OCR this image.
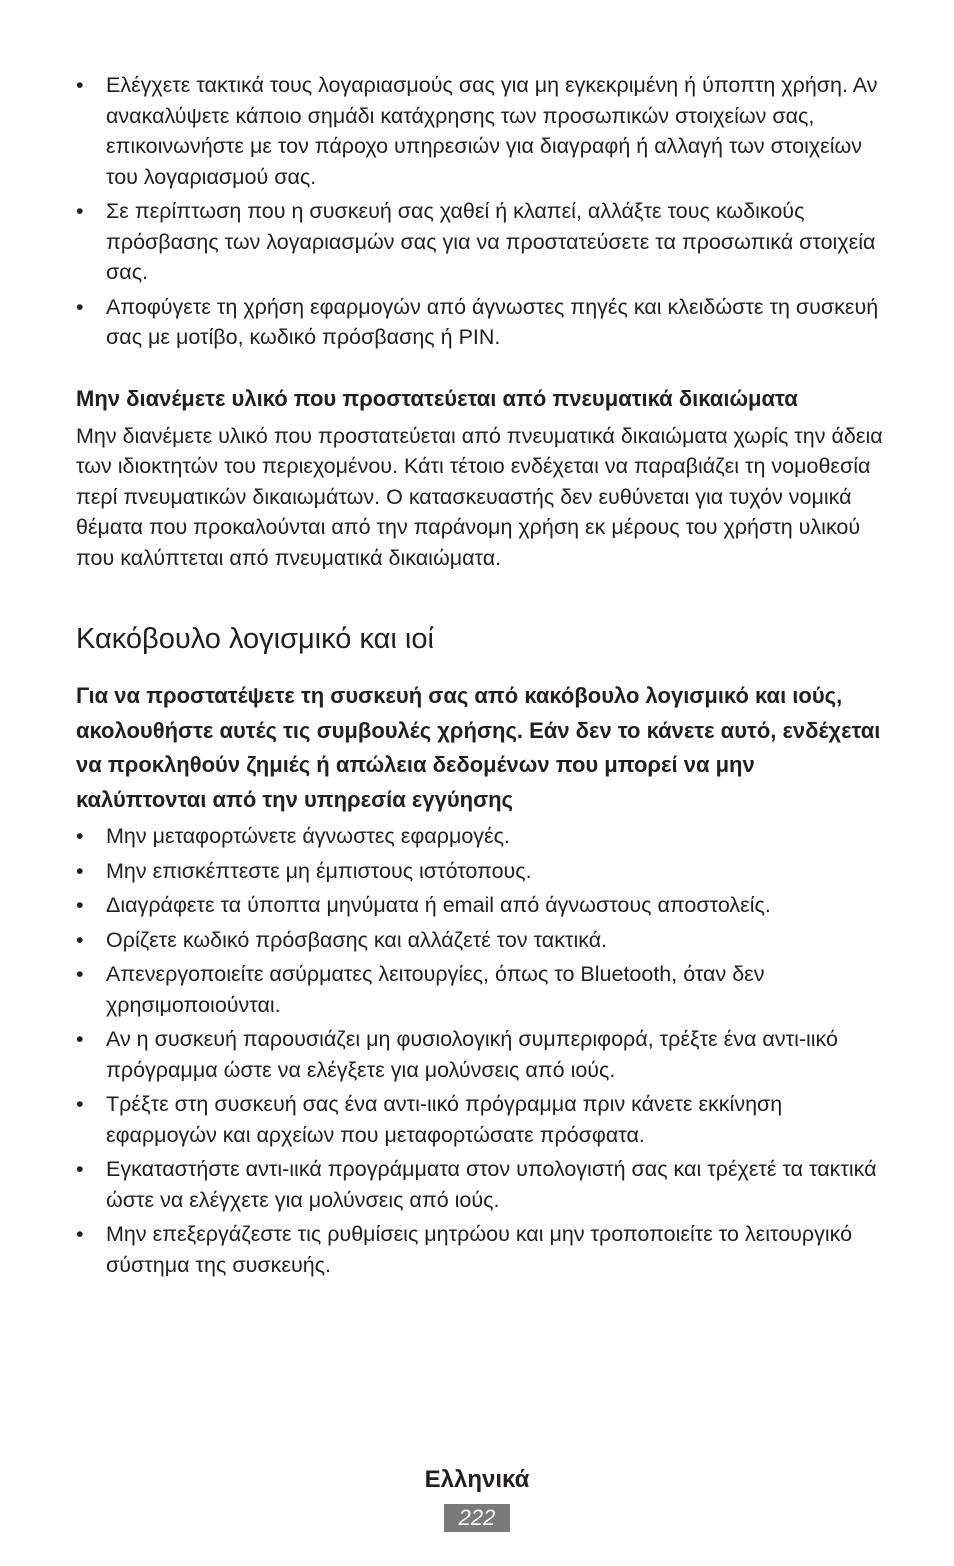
•	Ελέγχετε τακτικά τους λογαριασμούς σας για μη εγκεκριμένη ή ύποπτη χρήση. Αν ανακαλύψετε κάποιο σημάδι κατάχρησης των προσωπικών στοιχείων σας, επικοινωνήστε με τον πάροχο υπηρεσιών για διαγραφή ή αλλαγή των στοιχείων του λογαριασμού σας.
•	Σε περίπτωση που η συσκευή σας χαθεί ή κλαπεί, αλλάξτε τους κωδικούς πρόσβασης των λογαριασμών σας για να προστατεύσετε τα προσωπικά στοιχεία σας.
•	Αποφύγετε τη χρήση εφαρμογών από άγνωστες πηγές και κλειδώστε τη συσκευή σας με μοτίβο, κωδικό πρόσβασης ή PIN.
Μην διανέμετε υλικό που προστατεύεται από πνευματικά δικαιώματα

Μην διανέμετε υλικό που προστατεύεται από πνευματικά δικαιώματα χωρίς την άδεια των ιδιοκτητών του περιεχομένου. Κάτι τέτοιο ενδέχεται να παραβιάζει τη νομοθεσία περί πνευματικών δικαιωμάτων. Ο κατασκευαστής δεν ευθύνεται για τυχόν νομικά θέματα που προκαλούνται από την παράνομη χρήση εκ μέρους του χρήστη υλικού που καλύπτεται από πνευματικά δικαιώματα.

Κακόβουλο λογισμικό και ιοί

Για να προστατέψετε τη συσκευή σας από κακόβουλο λογισμικό και ιούς, ακολουθήστε αυτές τις συμβουλές χρήσης. Εάν δεν το κάνετε αυτό, ενδέχεται να προκληθούν ζημιές ή απώλεια δεδομένων που μπορεί να μην καλύπτονται από την υπηρεσία εγγύησης

•	Μην μεταφορτώνετε άγνωστες εφαρμογές.
•	Μην επισκέπτεστε μη έμπιστους ιστότοπους.
•	Διαγράφετε τα ύποπτα μηνύματα ή email από άγνωστους αποστολείς.
•	Ορίζετε κωδικό πρόσβασης και αλλάζετέ τον τακτικά.
•	Απενεργοποιείτε ασύρματες λειτουργίες, όπως το Bluetooth, όταν δεν χρησιμοποιούνται.
•	Αν η συσκευή παρουσιάζει μη φυσιολογική συμπεριφορά, τρέξτε ένα αντι-ιικό πρόγραμμα ώστε να ελέγξετε για μολύνσεις από ιούς.
•	Τρέξτε στη συσκευή σας ένα αντι-ιικό πρόγραμμα πριν κάνετε εκκίνηση εφαρμογών και αρχείων που μεταφορτώσατε πρόσφατα.
•	Εγκαταστήστε αντι-ιικά προγράμματα στον υπολογιστή σας και τρέχετέ τα τακτικά ώστε να ελέγχετε για μολύνσεις από ιούς.
•	Μην επεξεργάζεστε τις ρυθμίσεις μητρώου και μην τροποποιείτε το λειτουργικό σύστημα της συσκευής.
Ελληνικά
222
